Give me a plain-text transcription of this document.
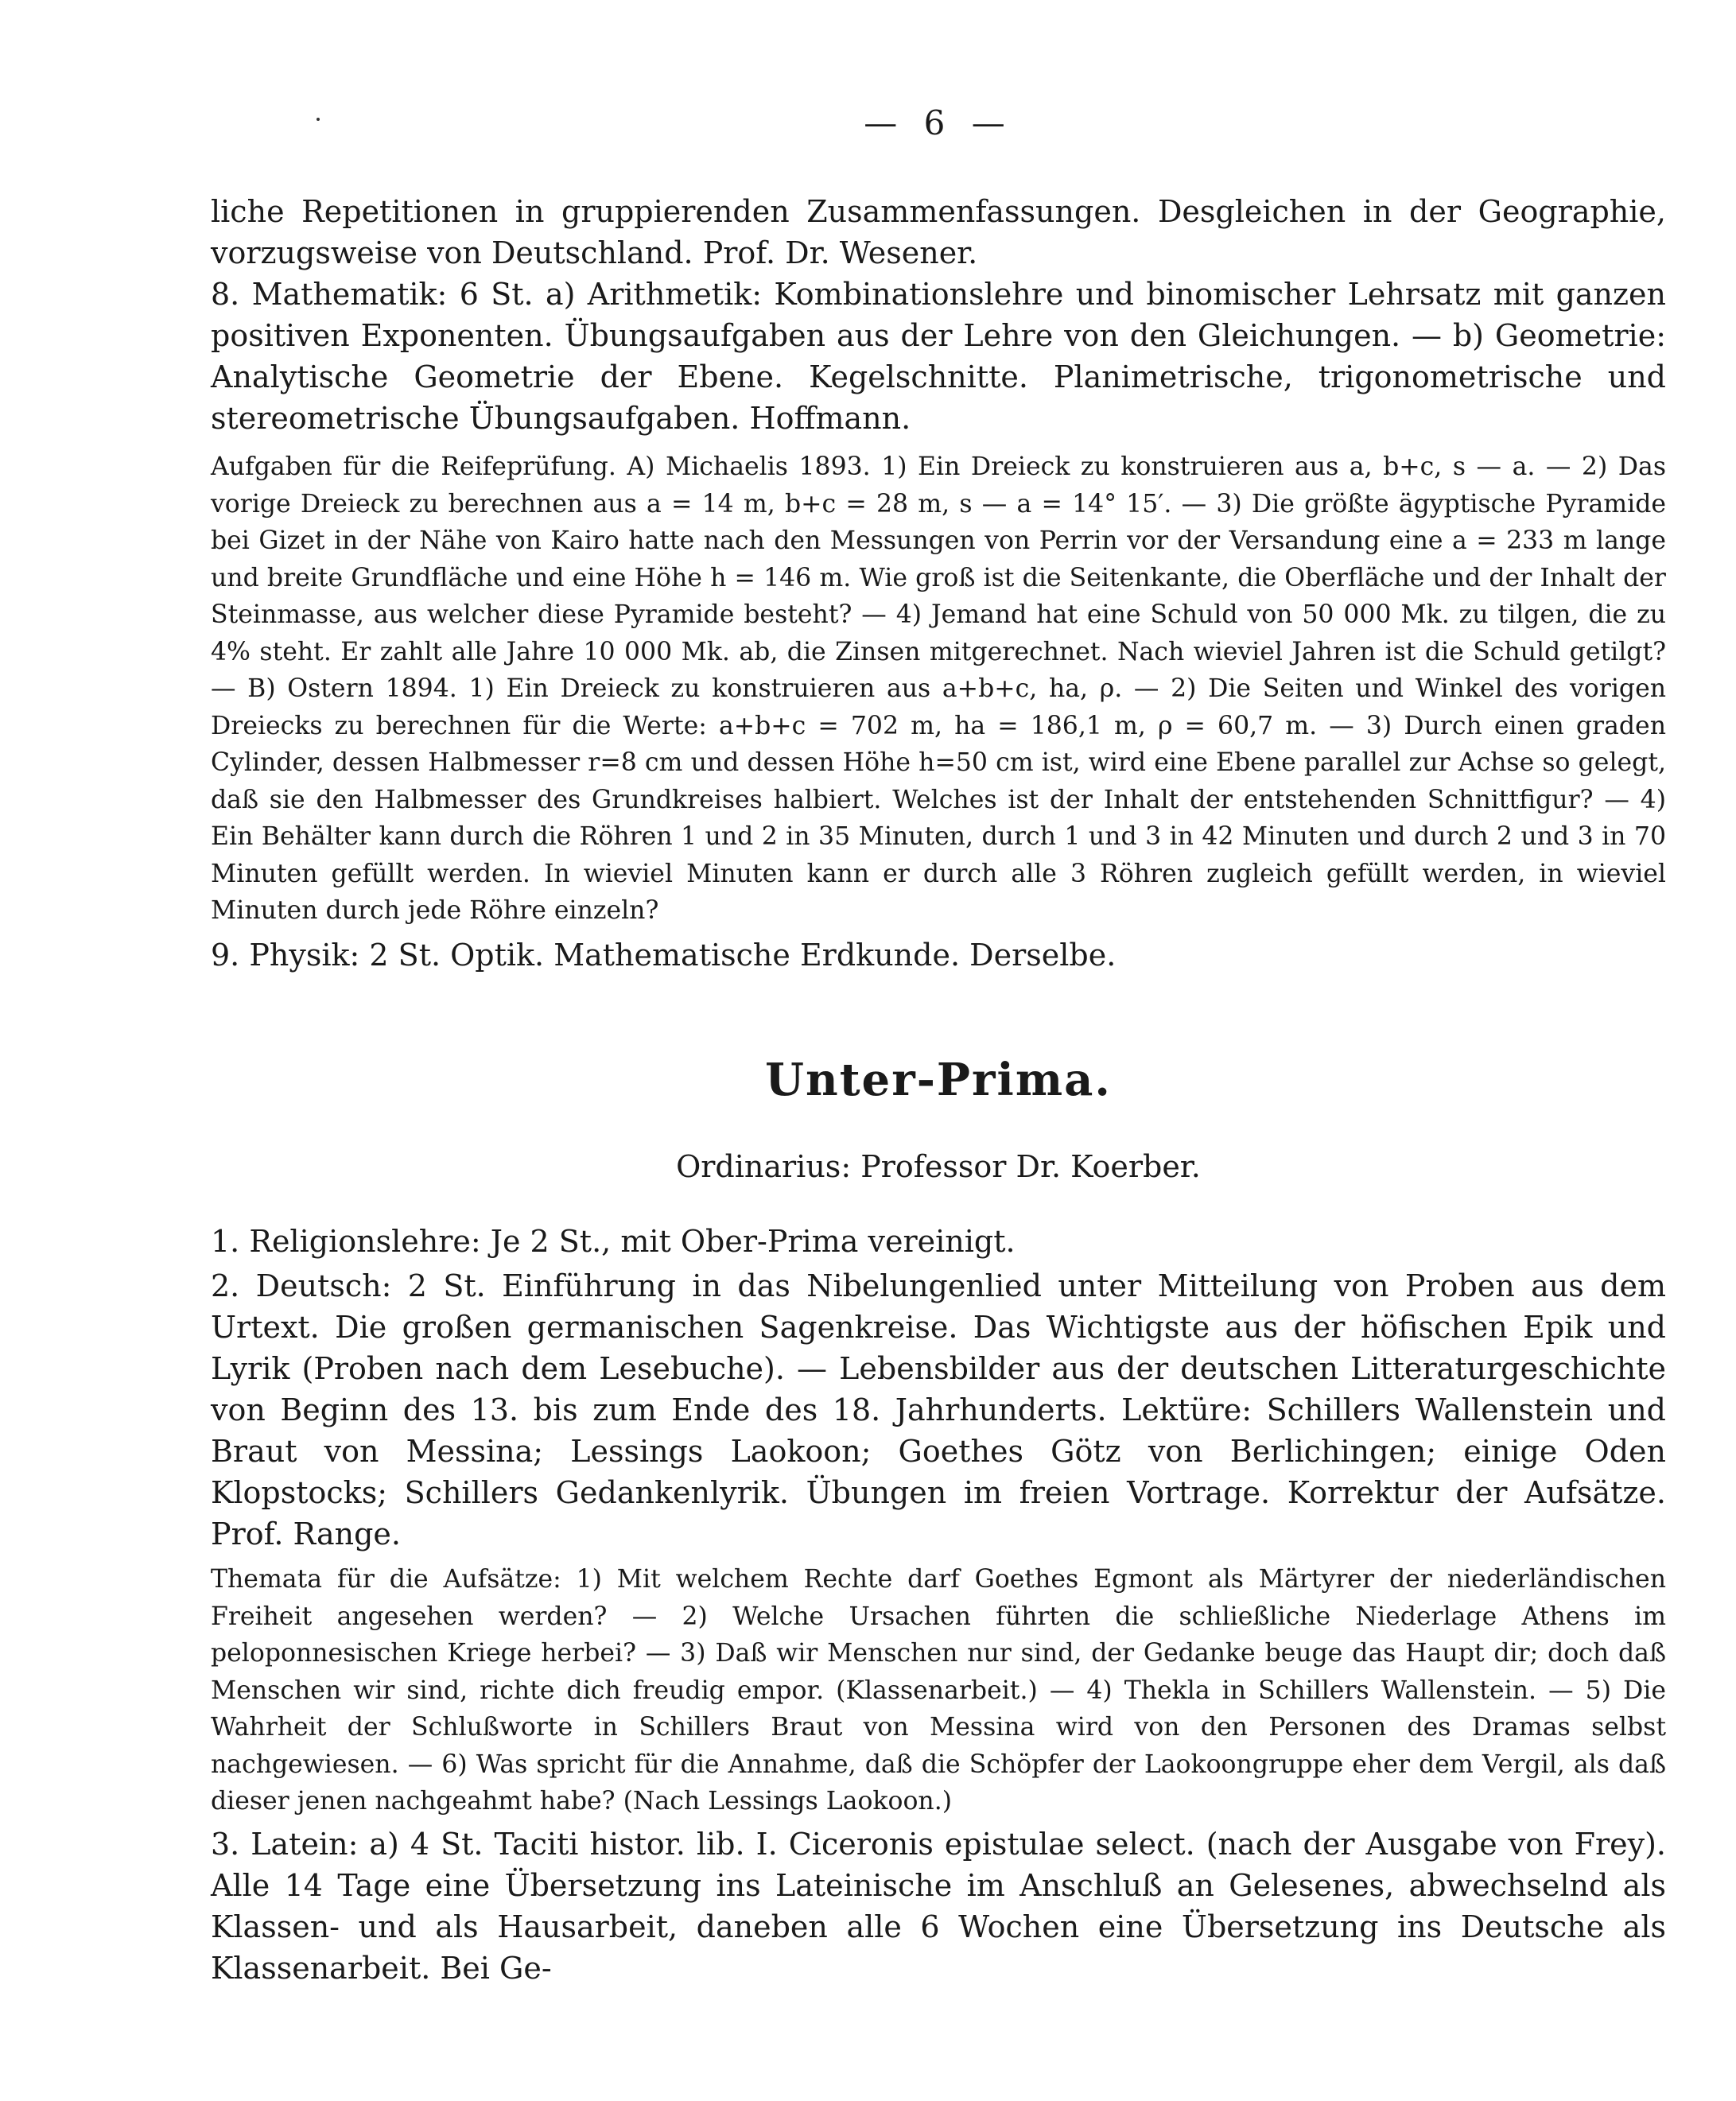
— 6 —

liche Repetitionen in gruppierenden Zusammenfassungen. Desgleichen in der Geographie, vorzugsweise von Deutschland. Prof. Dr. Wesener.

8. Mathematik: 6 St. a) Arithmetik: Kombinationslehre und binomischer Lehrsatz mit ganzen positiven Exponenten. Übungsaufgaben aus der Lehre von den Gleichungen. — b) Geometrie: Analytische Geometrie der Ebene. Kegelschnitte. Planimetrische, trigonometrische und stereometrische Übungsaufgaben. Hoffmann.

Aufgaben für die Reifeprüfung. A) Michaelis 1893. 1) Ein Dreieck zu konstruieren aus a, b+c, s — a. — 2) Das vorige Dreieck zu berechnen aus a = 14 m, b+c = 28 m, s — a = 14° 15′. — 3) Die größte ägyptische Pyramide bei Gizet in der Nähe von Kairo hatte nach den Messungen von Perrin vor der Versandung eine a = 233 m lange und breite Grundfläche und eine Höhe h = 146 m. Wie groß ist die Seitenkante, die Oberfläche und der Inhalt der Steinmasse, aus welcher diese Pyramide besteht? — 4) Jemand hat eine Schuld von 50 000 Mk. zu tilgen, die zu 4% steht. Er zahlt alle Jahre 10 000 Mk. ab, die Zinsen mitgerechnet. Nach wieviel Jahren ist die Schuld getilgt? — B) Ostern 1894. 1) Ein Dreieck zu konstruieren aus a+b+c, ha, ρ. — 2) Die Seiten und Winkel des vorigen Dreiecks zu berechnen für die Werte: a+b+c = 702 m, ha = 186,1 m, ρ = 60,7 m. — 3) Durch einen graden Cylinder, dessen Halbmesser r=8 cm und dessen Höhe h=50 cm ist, wird eine Ebene parallel zur Achse so gelegt, daß sie den Halbmesser des Grundkreises halbiert. Welches ist der Inhalt der entstehenden Schnittfigur? — 4) Ein Behälter kann durch die Röhren 1 und 2 in 35 Minuten, durch 1 und 3 in 42 Minuten und durch 2 und 3 in 70 Minuten gefüllt werden. In wieviel Minuten kann er durch alle 3 Röhren zugleich gefüllt werden, in wieviel Minuten durch jede Röhre einzeln?

9. Physik: 2 St. Optik. Mathematische Erdkunde. Derselbe.

Unter-Prima.
Ordinarius: Professor Dr. Koerber.

1. Religionslehre: Je 2 St., mit Ober-Prima vereinigt.

2. Deutsch: 2 St. Einführung in das Nibelungenlied unter Mitteilung von Proben aus dem Urtext. Die großen germanischen Sagenkreise. Das Wichtigste aus der höfischen Epik und Lyrik (Proben nach dem Lesebuche). — Lebensbilder aus der deutschen Litteraturgeschichte von Beginn des 13. bis zum Ende des 18. Jahrhunderts. Lektüre: Schillers Wallenstein und Braut von Messina; Lessings Laokoon; Goethes Götz von Berlichingen; einige Oden Klopstocks; Schillers Gedankenlyrik. Übungen im freien Vortrage. Korrektur der Aufsätze. Prof. Range.

Themata für die Aufsätze: 1) Mit welchem Rechte darf Goethes Egmont als Märtyrer der niederländischen Freiheit angesehen werden? — 2) Welche Ursachen führten die schließliche Niederlage Athens im peloponnesischen Kriege herbei? — 3) Daß wir Menschen nur sind, der Gedanke beuge das Haupt dir; doch daß Menschen wir sind, richte dich freudig empor. (Klassenarbeit.) — 4) Thekla in Schillers Wallenstein. — 5) Die Wahrheit der Schlußworte in Schillers Braut von Messina wird von den Personen des Dramas selbst nachgewiesen. — 6) Was spricht für die Annahme, daß die Schöpfer der Laokoongruppe eher dem Vergil, als daß dieser jenen nachgeahmt habe? (Nach Lessings Laokoon.)

3. Latein: a) 4 St. Taciti histor. lib. I. Ciceronis epistulae select. (nach der Ausgabe von Frey). Alle 14 Tage eine Übersetzung ins Lateinische im Anschluß an Gelesenes, abwechselnd als Klassen- und als Hausarbeit, daneben alle 6 Wochen eine Übersetzung ins Deutsche als Klassenarbeit. Bei Ge-
